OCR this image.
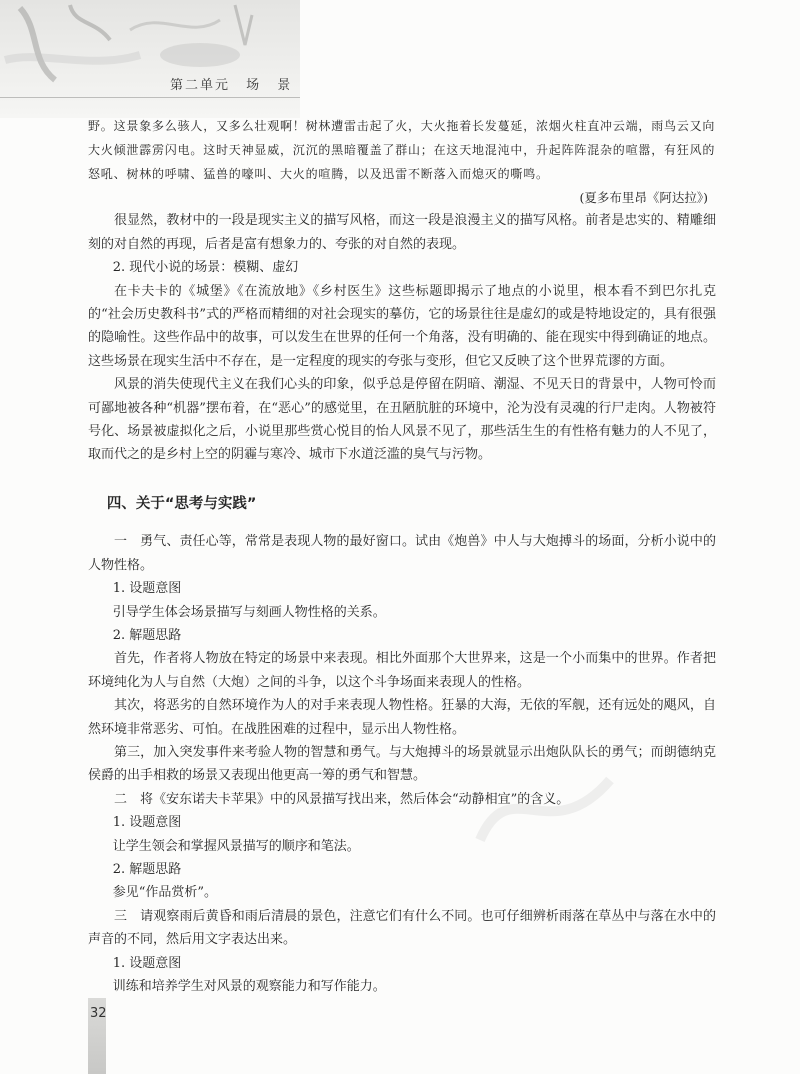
第二单元 场 景

野。这景象多么骇人，又多么壮观啊！树林遭雷击起了火，大火拖着长发蔓延，浓烟火柱直冲云端，雨鸟云又向大火倾泄霹雳闪电。这时天神显威，沉沉的黑暗覆盖了群山；在这天地混沌中，升起阵阵混杂的喧嚣，有狂风的怒吼、树林的呼啸、猛兽的嚎叫、大火的喧腾，以及迅雷不断落入而熄灭的嘶鸣。

(夏多布里昂《阿达拉》)

很显然，教材中的一段是现实主义的描写风格，而这一段是浪漫主义的描写风格。前者是忠实的、精雕细刻的对自然的再现，后者是富有想象力的、夸张的对自然的表现。

2. 现代小说的场景：模糊、虚幻

在卡夫卡的《城堡》《在流放地》《乡村医生》这些标题即揭示了地点的小说里，根本看不到巴尔扎克的“社会历史教科书”式的严格而精细的对社会现实的摹仿，它的场景往往是虚幻的或是特地设定的，具有很强的隐喻性。这些作品中的故事，可以发生在世界的任何一个角落，没有明确的、能在现实中得到确证的地点。这些场景在现实生活中不存在，是一定程度的现实的夸张与变形，但它又反映了这个世界荒谬的方面。

风景的消失使现代主义在我们心头的印象，似乎总是停留在阴暗、潮湿、不见天日的背景中，人物可怜而可鄙地被各种“机器”摆布着，在“恶心”的感觉里，在丑陋肮脏的环境中，沦为没有灵魂的行尸走肉。人物被符号化、场景被虚拟化之后，小说里那些赏心悦目的怡人风景不见了，那些活生生的有性格有魅力的人不见了，取而代之的是乡村上空的阴霾与寒冷、城市下水道泛滥的臭气与污物。

四、关于“思考与实践”

一　勇气、责任心等，常常是表现人物的最好窗口。试由《炮兽》中人与大炮搏斗的场面，分析小说中的人物性格。

1. 设题意图

引导学生体会场景描写与刻画人物性格的关系。

2. 解题思路

首先，作者将人物放在特定的场景中来表现。相比外面那个大世界来，这是一个小而集中的世界。作者把环境纯化为人与自然（大炮）之间的斗争，以这个斗争场面来表现人的性格。

其次，将恶劣的自然环境作为人的对手来表现人物性格。狂暴的大海，无依的军舰，还有远处的飓风，自然环境非常恶劣、可怕。在战胜困难的过程中，显示出人物性格。

第三，加入突发事件来考验人物的智慧和勇气。与大炮搏斗的场景就显示出炮队队长的勇气；而朗德纳克侯爵的出手相救的场景又表现出他更高一筹的勇气和智慧。

二　将《安东诺夫卡苹果》中的风景描写找出来，然后体会“动静相宜”的含义。

1. 设题意图

让学生领会和掌握风景描写的顺序和笔法。

2. 解题思路

参见“作品赏析”。

三　请观察雨后黄昏和雨后清晨的景色，注意它们有什么不同。也可仔细辨析雨落在草丛中与落在水中的声音的不同，然后用文字表达出来。

1. 设题意图

训练和培养学生对风景的观察能力和写作能力。

32
